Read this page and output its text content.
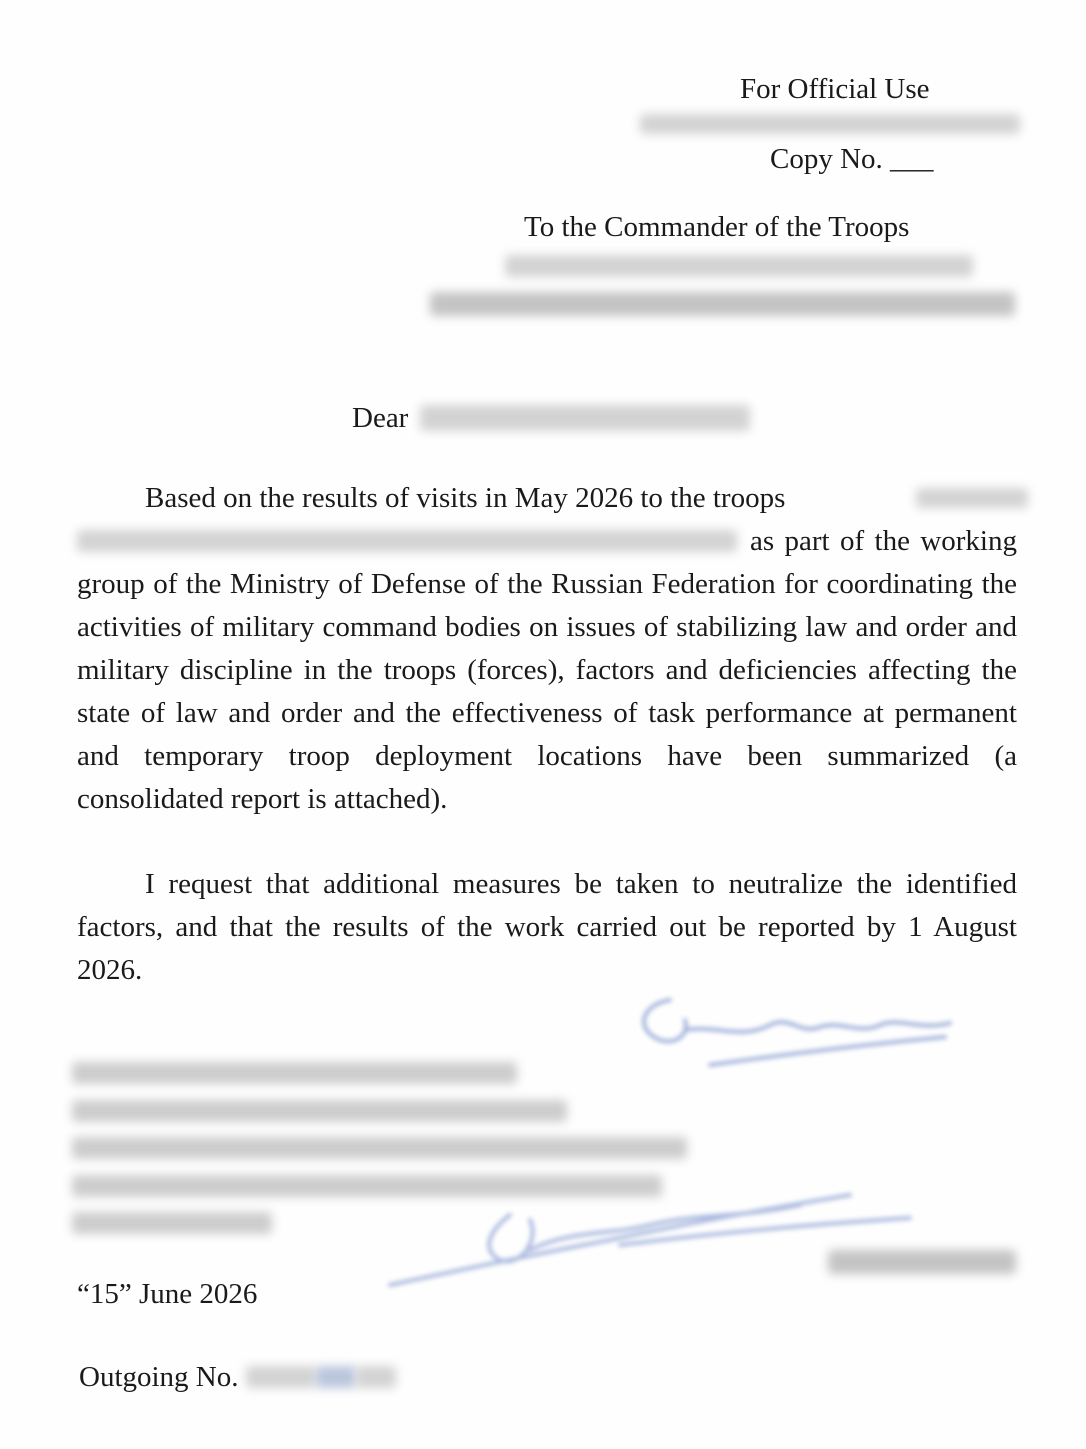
For Official Use
Copy No. ___
To the Commander of the Troops
Dear
Based on the results of visits in May 2026 to the troops
as part of the working group of the Ministry of Defense of the Russian Federation for coordinating the activities of military command bodies on issues of stabilizing law and order and military discipline in the troops (forces), factors and deficiencies affecting the state of law and order and the effectiveness of task performance at permanent and temporary troop deployment locations have been summarized (a consolidated report is attached).
I request that additional measures be taken to neutralize the identified factors, and that the results of the work carried out be reported by 1 August 2026.
“15” June 2026
Outgoing No.
